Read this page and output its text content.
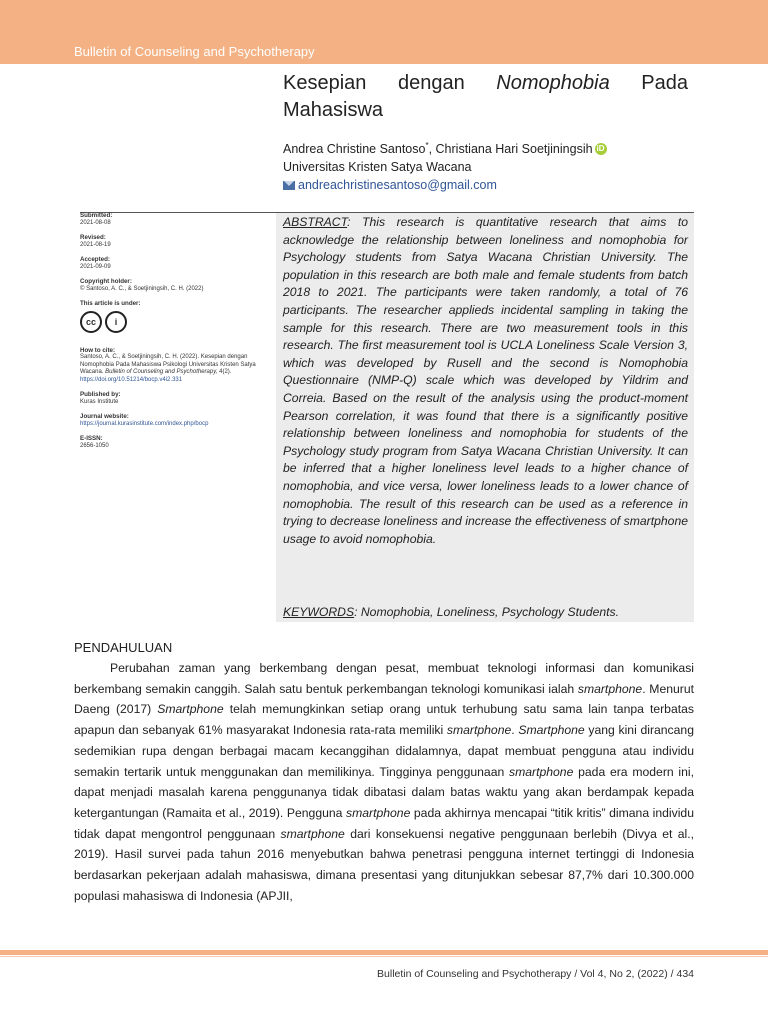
Bulletin of Counseling and Psychotherapy
Kesepian dengan Nomophobia Pada
Mahasiswa
Andrea Christine Santoso*, Christiana Hari Soetjiningsih iD
Universitas Kristen Satya Wacana
andreachristinesantoso@gmail.com
Submitted:
2021-08-08
Revised:
2021-08-19
Accepted:
2021-09-09
Copyright holder:
© Santoso, A. C., & Soetjiningsih, C. H. (2022)
This article is under:
cc	i
How to cite:
Santoso, A. C., & Soetjiningsih, C. H. (2022). Kesepian dengan Nomophobia Pada Mahasiswa Psikologi Universitas Kristen Satya Wacana. Bulletin of Counseling and Psychotherapy, 4(2). https://doi.org/10.51214/bocp.v4i2.331
Published by:
Kuras Institute
Journal website:
https://journal.kurasinstitute.com/index.php/bocp
E-ISSN:
2656-1050
ABSTRACT: This research is quantitative research that aims to acknowledge the relationship between loneliness and nomophobia for Psychology students from Satya Wacana Christian University. The population in this research are both male and female students from batch 2018 to 2021. The participants were taken randomly, a total of 76 participants. The researcher applieds incidental sampling in taking the sample for this research. There are two measurement tools in this research. The first measurement tool is UCLA Loneliness Scale Version 3, which was developed by Rusell and the second is Nomophobia Questionnaire (NMP-Q) scale which was developed by Yildrim and Correia. Based on the result of the analysis using the product-moment Pearson correlation, it was found that there is a significantly positive relationship between loneliness and nomophobia for students of the Psychology study program from Satya Wacana Christian University. It can be inferred that a higher loneliness level leads to a higher chance of nomophobia, and vice versa, lower loneliness leads to a lower chance of nomophobia. The result of this research can be used as a reference in trying to decrease loneliness and increase the effectiveness of smartphone usage to avoid nomophobia.
KEYWORDS: Nomophobia, Loneliness, Psychology Students.
PENDAHULUAN

Perubahan zaman yang berkembang dengan pesat, membuat teknologi informasi dan komunikasi berkembang semakin canggih. Salah satu bentuk perkembangan teknologi komunikasi ialah smartphone. Menurut Daeng (2017) Smartphone telah memungkinkan setiap orang untuk terhubung satu sama lain tanpa terbatas apapun dan sebanyak 61% masyarakat Indonesia rata-rata memiliki smartphone. Smartphone yang kini dirancang sedemikian rupa dengan berbagai macam kecanggihan didalamnya, dapat membuat pengguna atau individu semakin tertarik untuk menggunakan dan memilikinya. Tingginya penggunaan smartphone pada era modern ini, dapat menjadi masalah karena penggunanya tidak dibatasi dalam batas waktu yang akan berdampak kepada ketergantungan (Ramaita et al., 2019). Pengguna smartphone pada akhirnya mencapai “titik kritis” dimana individu tidak dapat mengontrol penggunaan smartphone dari konsekuensi negative penggunaan berlebih (Divya et al., 2019). Hasil survei pada tahun 2016 menyebutkan bahwa penetrasi pengguna internet tertinggi di Indonesia berdasarkan pekerjaan adalah mahasiswa, dimana presentasi yang ditunjukkan sebesar 87,7% dari 10.300.000 populasi mahasiswa di Indonesia (APJII,

Bulletin of Counseling and Psychotherapy / Vol 4, No 2, (2022) / 434
